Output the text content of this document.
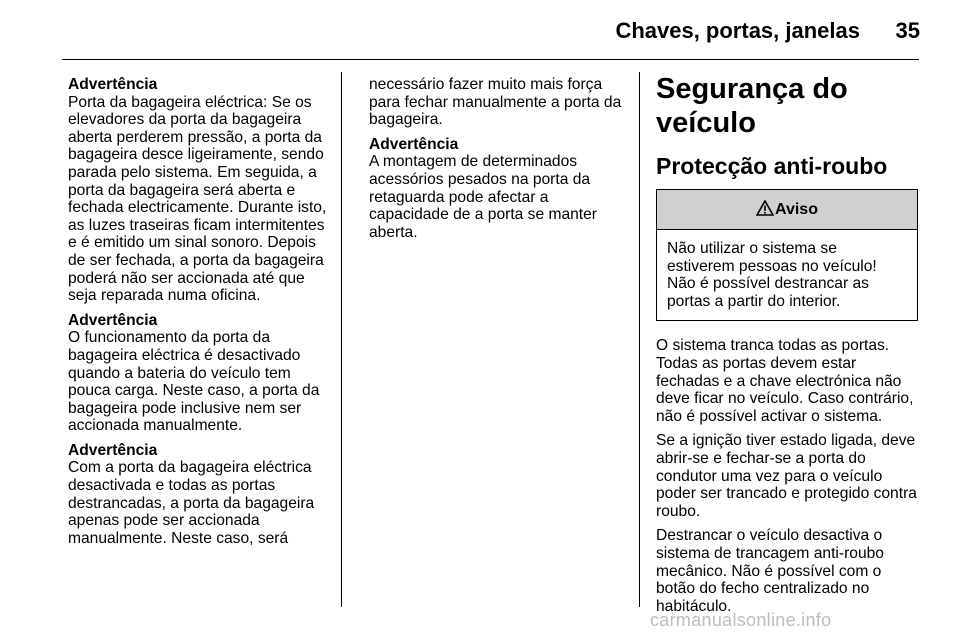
Chaves, portas, janelas	35
Advertência
Porta da bagageira eléctrica: Se os elevadores da porta da bagageira aberta perderem pressão, a porta da bagageira desce ligeiramente, sendo parada pelo sistema. Em seguida, a porta da bagageira será aberta e fechada electricamente. Durante isto, as luzes traseiras ficam intermitentes e é emitido um sinal sonoro. Depois de ser fechada, a porta da bagageira poderá não ser accionada até que seja reparada numa oficina.
Advertência
O funcionamento da porta da bagageira eléctrica é desactivado quando a bateria do veículo tem pouca carga. Neste caso, a porta da bagageira pode inclusive nem ser accionada manualmente.
Advertência
Com a porta da bagageira eléctrica desactivada e todas as portas destrancadas, a porta da bagageira apenas pode ser accionada manualmente. Neste caso, será
necessário fazer muito mais força para fechar manualmente a porta da bagageira.
Advertência
A montagem de determinados acessórios pesados na porta da retaguarda pode afectar a capacidade de a porta se manter aberta.
Segurança do veículo
Protecção anti-roubo
Aviso
Não utilizar o sistema se estiverem pessoas no veículo! Não é possível destrancar as portas a partir do interior.
O sistema tranca todas as portas. Todas as portas devem estar fechadas e a chave electrónica não deve ficar no veículo. Caso contrário, não é possível activar o sistema.
Se a ignição tiver estado ligada, deve abrir-se e fechar-se a porta do condutor uma vez para o veículo poder ser trancado e protegido contra roubo.
Destrancar o veículo desactiva o sistema de trancagem anti-roubo mecânico. Não é possível com o botão do fecho centralizado no habitáculo.
carmanualsonline.info
